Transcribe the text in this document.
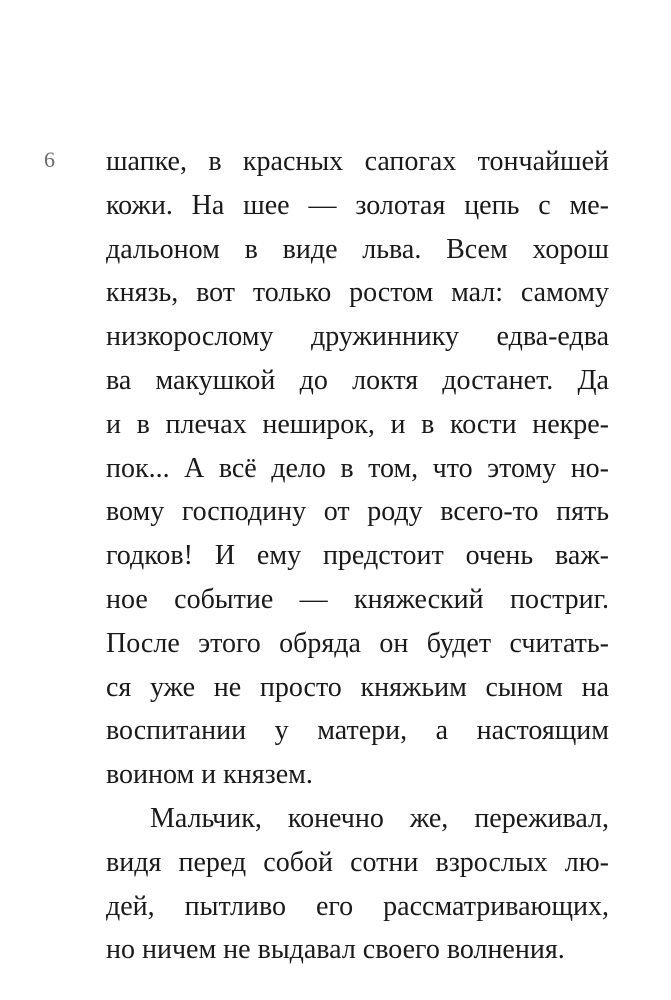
6 шапке, в красных сапогах тончайшей
кожи. На шее — золотая цепь с ме-
дальоном в виде льва. Всем хорош
князь, вот только ростом мал: самому
низкорослому дружиннику едва-едва
ва макушкой до локтя достанет. Да
и в плечах неширок, и в кости некре-
пок... А всё дело в том, что этому но-
вому господину от роду всего-то пять
годков! И ему предстоит очень важ-
ное событие — княжеский постриг.
После этого обряда он будет считать-
ся уже не просто княжьим сыном на
воспитании у матери, а настоящим
воином и князем.
Мальчик, конечно же, переживал,
видя перед собой сотни взрослых лю-
дей, пытливо его рассматривающих,
но ничем не выдавал своего волнения.
